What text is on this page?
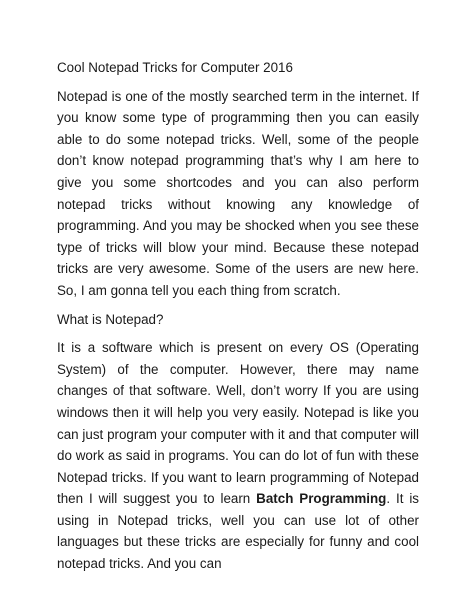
Cool Notepad Tricks for Computer 2016

Notepad is one of the mostly searched term in the internet. If you know some type of programming then you can easily able to do some notepad tricks. Well, some of the people don’t know notepad programming that’s why I am here to give you some shortcodes and you can also perform notepad tricks without knowing any knowledge of programming. And you may be shocked when you see these type of tricks will blow your mind. Because these notepad tricks are very awesome. Some of the users are new here. So, I am gonna tell you each thing from scratch.

What is Notepad?

It is a software which is present on every OS (Operating System) of the computer. However, there may name changes of that software. Well, don’t worry If you are using windows then it will help you very easily. Notepad is like you can just program your computer with it and that computer will do work as said in programs. You can do lot of fun with these Notepad tricks. If you want to learn programming of Notepad then I will suggest you to learn Batch Programming. It is using in Notepad tricks, well you can use lot of other languages but these tricks are especially for funny and cool notepad tricks. And you can
